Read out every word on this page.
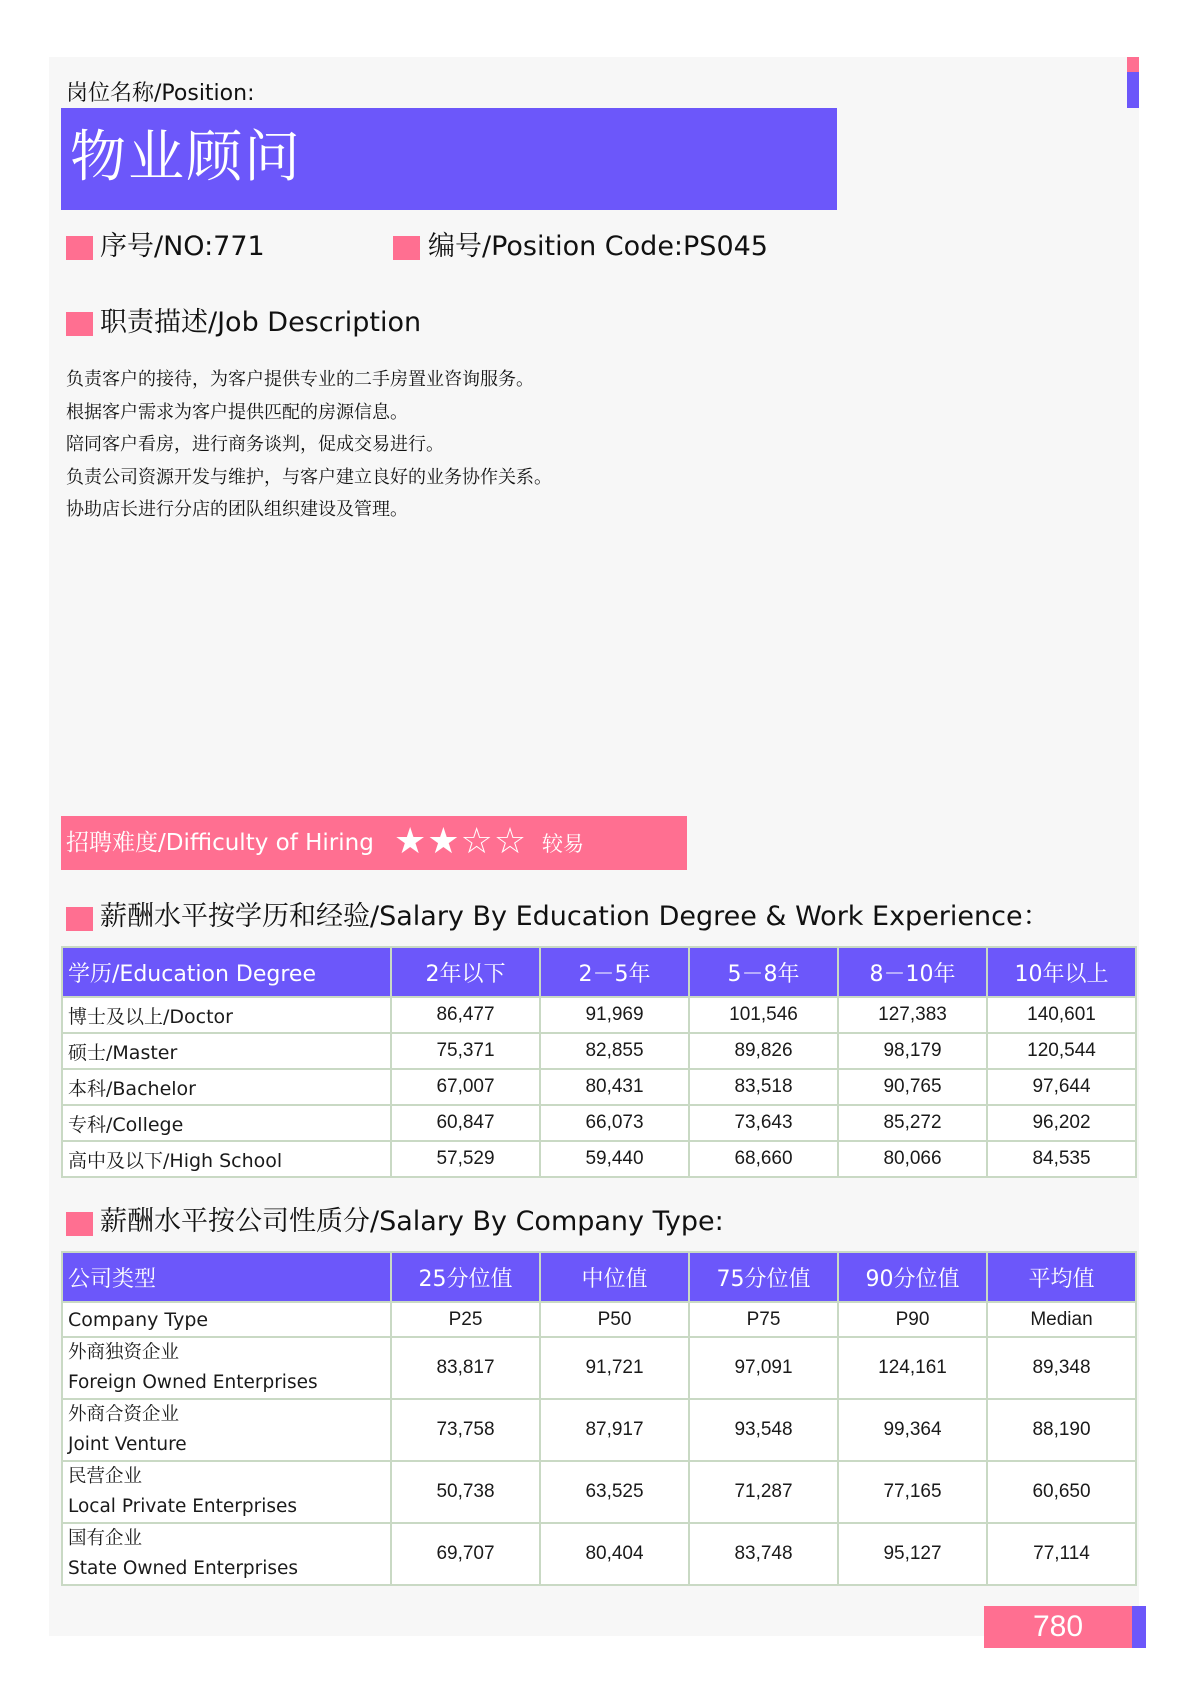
岗位名称/Position:
物业顾问
序号/NO:771	编号/Position Code:PS045
职责描述/Job Description
负责客户的接待，为客户提供专业的二手房置业咨询服务。
根据客户需求为客户提供匹配的房源信息。
陪同客户看房，进行商务谈判，促成交易进行。
负责公司资源开发与维护，与客户建立良好的业务协作关系。
协助店长进行分店的团队组织建设及管理。
招聘难度/Difficulty of Hiring ★★☆☆ 较易
薪酬水平按学历和经验/Salary By Education Degree & Work Experience：
学历/Education Degree	2年以下	2－5年	5－8年	8－10年	10年以上
博士及以上/Doctor	86,477	91,969	101,546	127,383	140,601
硕士/Master	75,371	82,855	89,826	98,179	120,544
本科/Bachelor	67,007	80,431	83,518	90,765	97,644
专科/College	60,847	66,073	73,643	85,272	96,202
高中及以下/High School	57,529	59,440	68,660	80,066	84,535
薪酬水平按公司性质分/Salary By Company Type:
公司类型	25分位值	中位值	75分位值	90分位值	平均值
Company Type	P25	P50	P75	P90	Median

外商独资企业
Foreign Owned Enterprises	83,817	91,721	97,091	124,161	89,348

外商合资企业
Joint Venture	73,758	87,917	93,548	99,364	88,190

民营企业
Local Private Enterprises	50,738	63,525	71,287	77,165	60,650

国有企业
State Owned Enterprises	69,707	80,404	83,748	95,127	77,114
780
